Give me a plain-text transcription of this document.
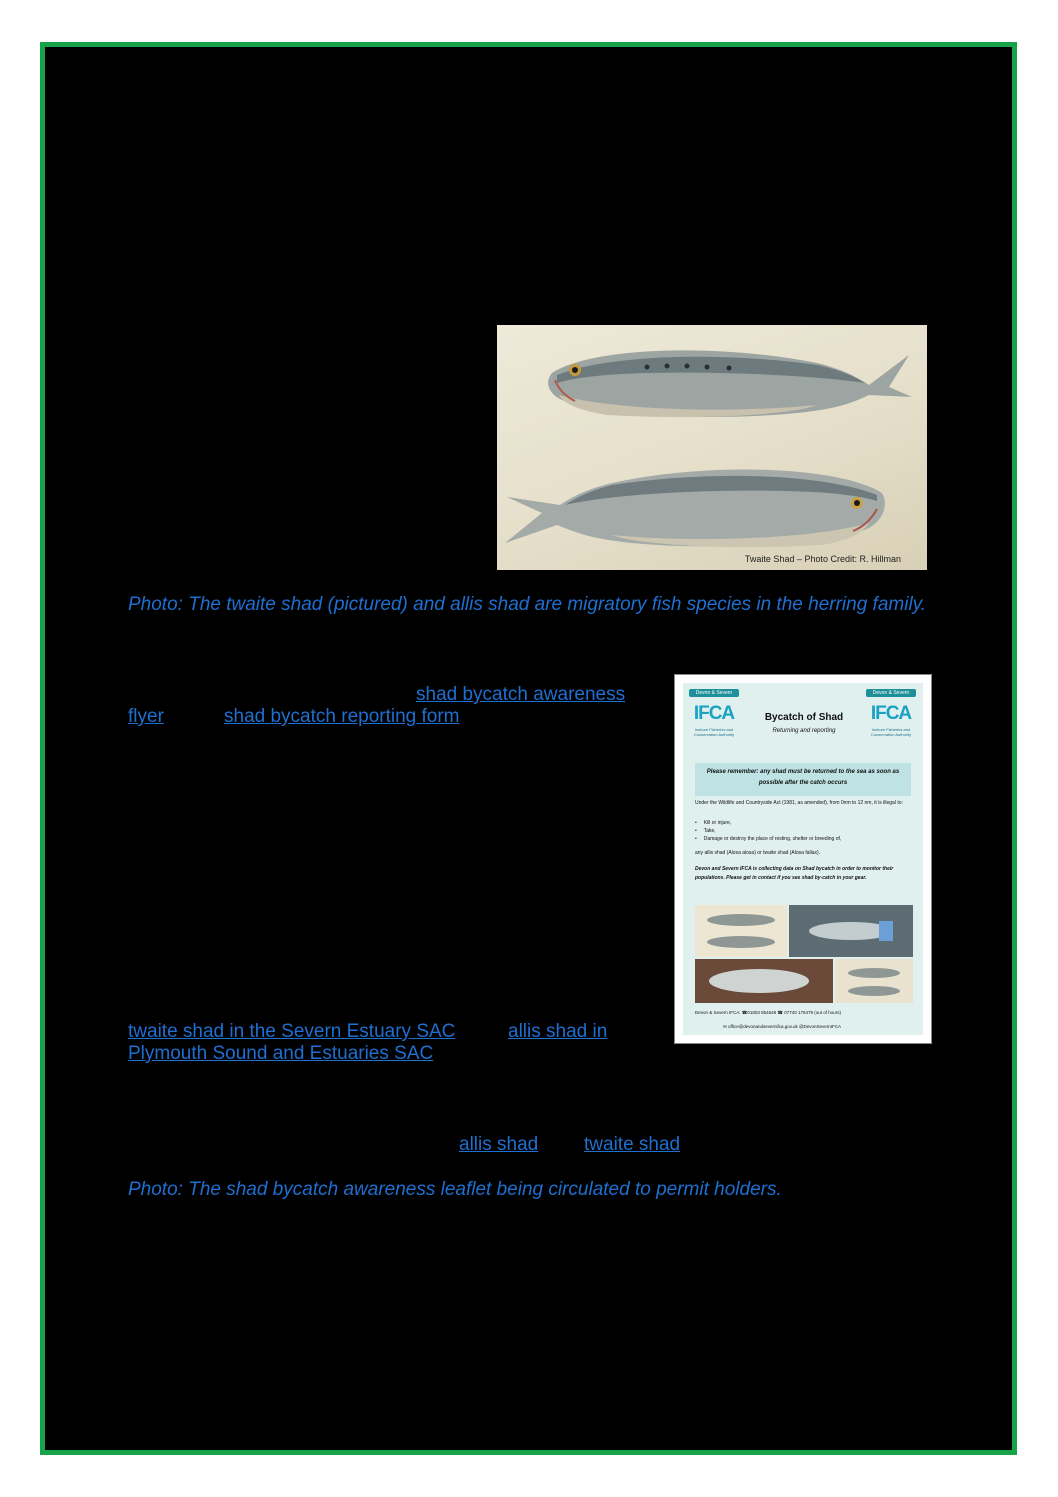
Twaite Shad – Photo Credit: R. Hillman
Photo: The twaite shad (pictured) and allis shad are migratory fish species in the herring family.
shad bycatch awareness
flyer	shad bycatch reporting form
twaite shad in the Severn Estuary SAC	allis shad in
Plymouth Sound and Estuaries SAC
allis shad twaite shad
Devon & Severn
IFCA
Inshore Fisheries and Conservation Authority
Devon & Severn
IFCA
Inshore Fisheries and Conservation Authority
Bycatch of Shad
Returning and reporting
Please remember: any shad must be returned to the sea as soon as possible after the catch occurs
Under the Wildlife and Countryside Act (1981, as amended), from 0nm to 12 nm, it is illegal to:
•     Kill or injure,
•     Take,
•     Damage or destroy the place of resting, shelter or breeding of,
any allis shad (Alosa alosa) or twaite shad (Alosa fallax).
Devon and Severn IFCA is collecting data on Shad bycatch in order to monitor their populations. Please get in contact if you see shad by-catch in your gear.
Devon & Severn IFCA: ☎01803 854648 ☎ 07740 175479 (out of hours)
✉ office@devonandsevernifca.gov.uk @DevonSevernIFCA
Photo: The shad bycatch awareness leaflet being circulated to permit holders.
